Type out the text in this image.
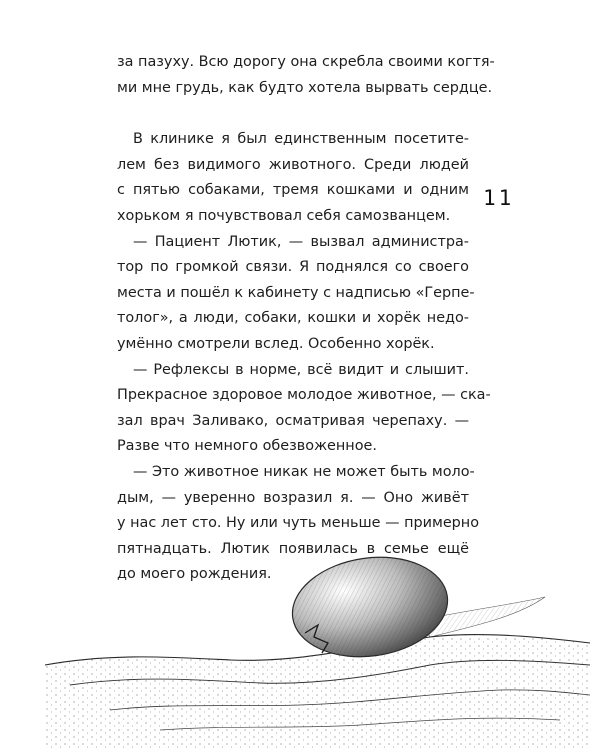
за пазуху. Всю дорогу она скребла своими когтя-
ми мне грудь, как будто хотела вырвать сердце.
В клинике я был единственным посетите-
лем без видимого животного. Среди людей
с пятью собаками, тремя кошками и одним
хорьком я почувствовал себя самозванцем.
— Пациент Лютик, — вызвал администра-
тор по громкой связи. Я поднялся со своего
места и пошёл к кабинету с надписью «Герпе-
толог», а люди, собаки, кошки и хорёк недо-
умённо смотрели вслед. Особенно хорёк.
— Рефлексы в норме, всё видит и слышит.
Прекрасное здоровое молодое животное, — ска-
зал врач Заливако, осматривая черепаху. —
Разве что немного обезвоженное.
— Это животное никак не может быть моло-
дым, — уверенно возразил я. — Оно живёт
у нас лет сто. Ну или чуть меньше — примерно
пятнадцать. Лютик появилась в семье ещё
до моего рождения.
11
